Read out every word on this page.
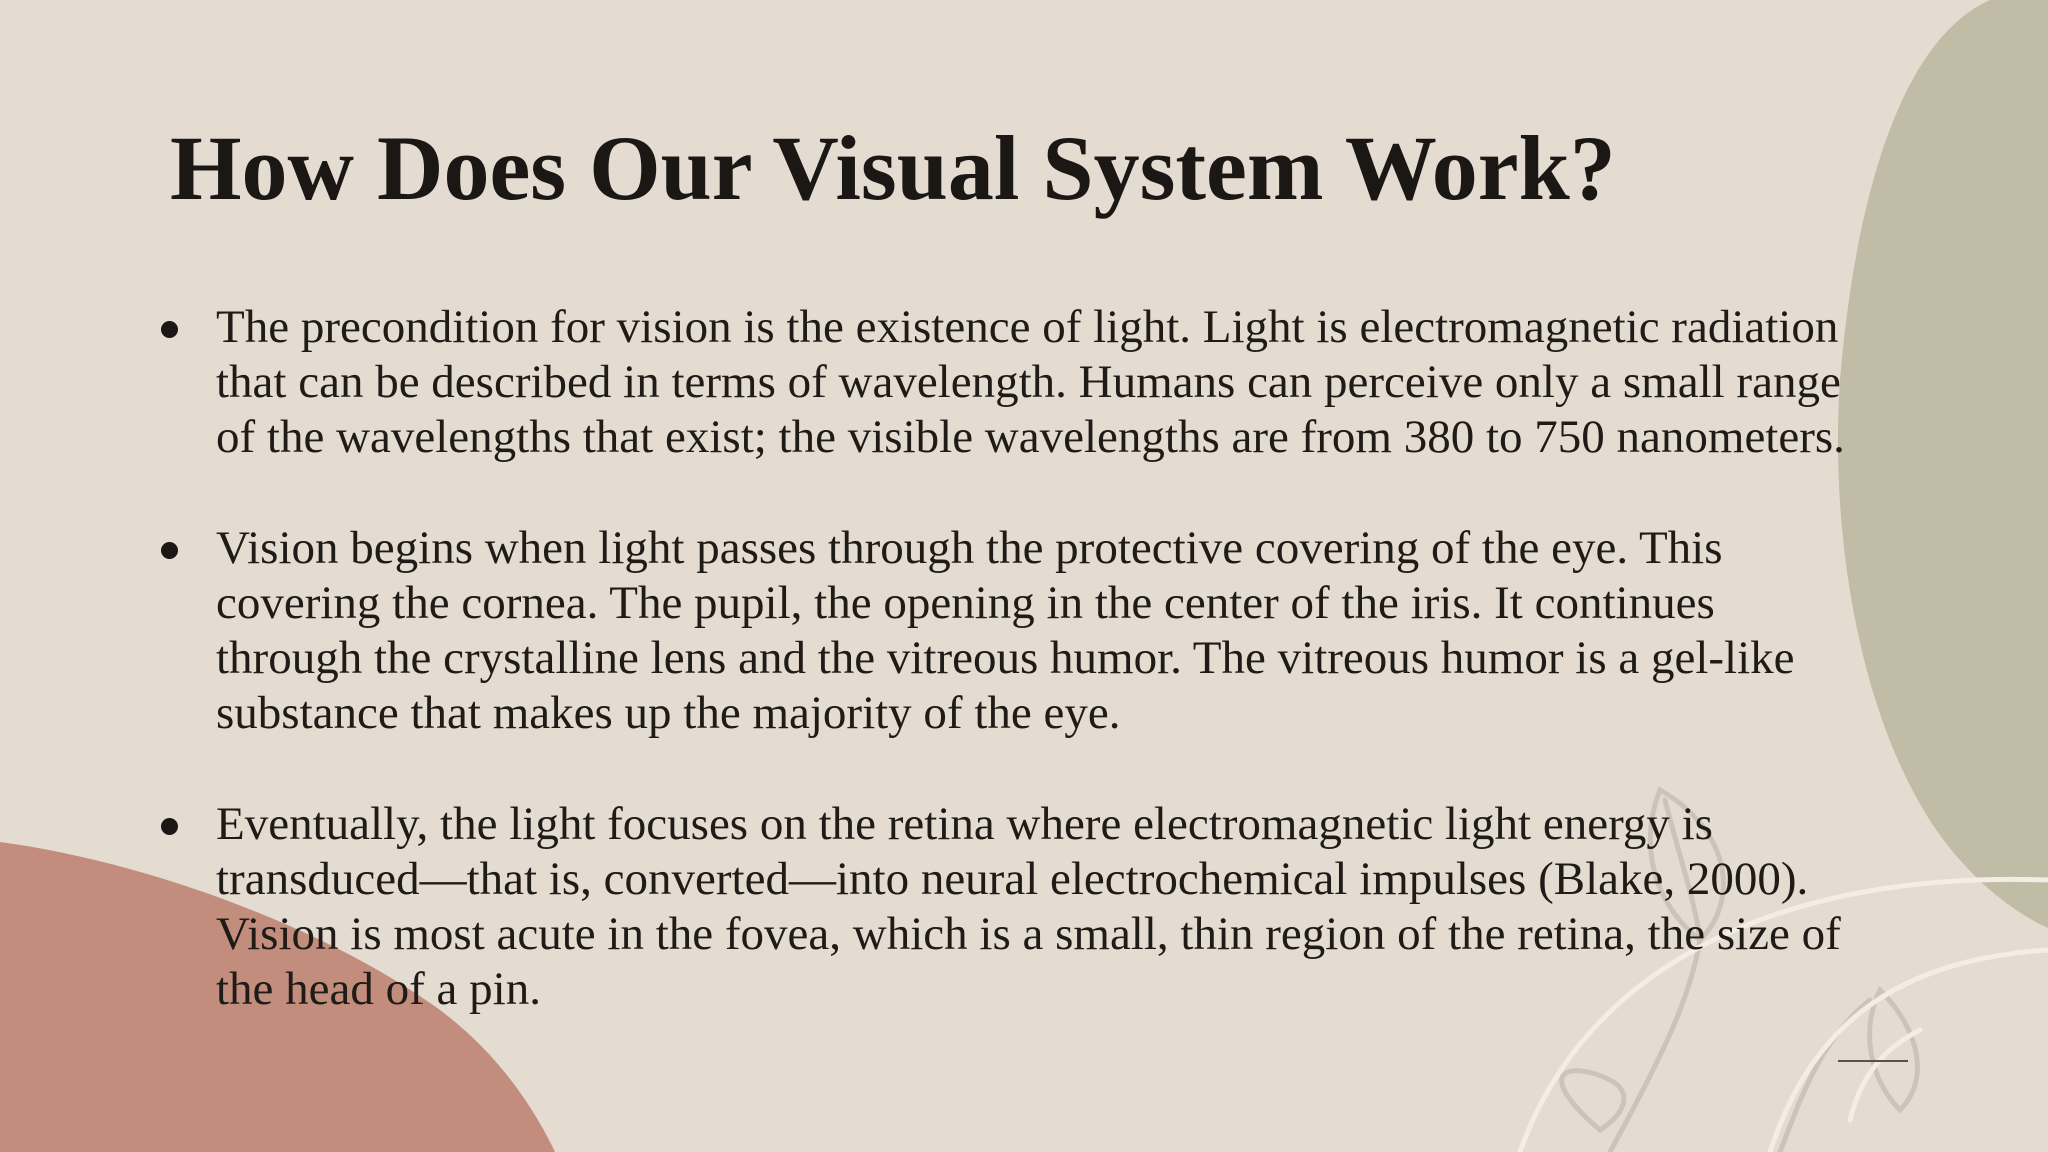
How Does Our Visual System Work?
The precondition for vision is the existence of light. Light is electromagnetic radiation that can be described in terms of wavelength. Humans can perceive only a small range of the wavelengths that exist; the visible wavelengths are from 380 to 750 nanometers.
Vision begins when light passes through the protective covering of the eye. This covering the cornea. The pupil, the opening in the center of the iris. It continues through the crystalline lens and the vitreous humor. The vitreous humor is a gel-like substance that makes up the majority of the eye.
Eventually, the light focuses on the retina where electromagnetic light energy is transduced—that is, converted—into neural electrochemical impulses (Blake, 2000). Vision is most acute in the fovea, which is a small, thin region of the retina, the size of the head of a pin.
